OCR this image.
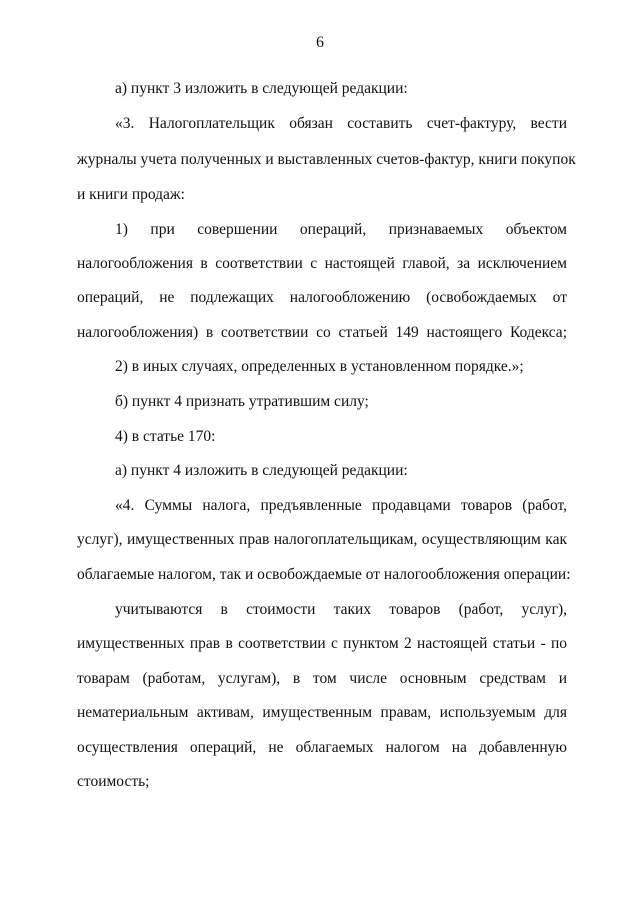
6
а) пункт 3 изложить в следующей редакции:
«3. Налогоплательщик обязан составить счет-фактуру, вести
журналы учета полученных и выставленных счетов-фактур, книги покупок
и книги продаж:
1) при совершении операций, признаваемых объектом
налогообложения в соответствии с настоящей главой, за исключением
операций, не подлежащих налогообложению (освобождаемых от
налогообложения) в соответствии со статьей 149 настоящего Кодекса;
2) в иных случаях, определенных в установленном порядке.»;
б) пункт 4 признать утратившим силу;
4) в статье 170:
а) пункт 4 изложить в следующей редакции:
«4. Суммы налога, предъявленные продавцами товаров (работ,
услуг), имущественных прав налогоплательщикам, осуществляющим как
облагаемые налогом, так и освобождаемые от налогообложения операции:
учитываются в стоимости таких товаров (работ, услуг),
имущественных прав в соответствии с пунктом 2 настоящей статьи - по
товарам (работам, услугам), в том числе основным средствам и
нематериальным активам, имущественным правам, используемым для
осуществления операций, не облагаемых налогом на добавленную
стоимость;
